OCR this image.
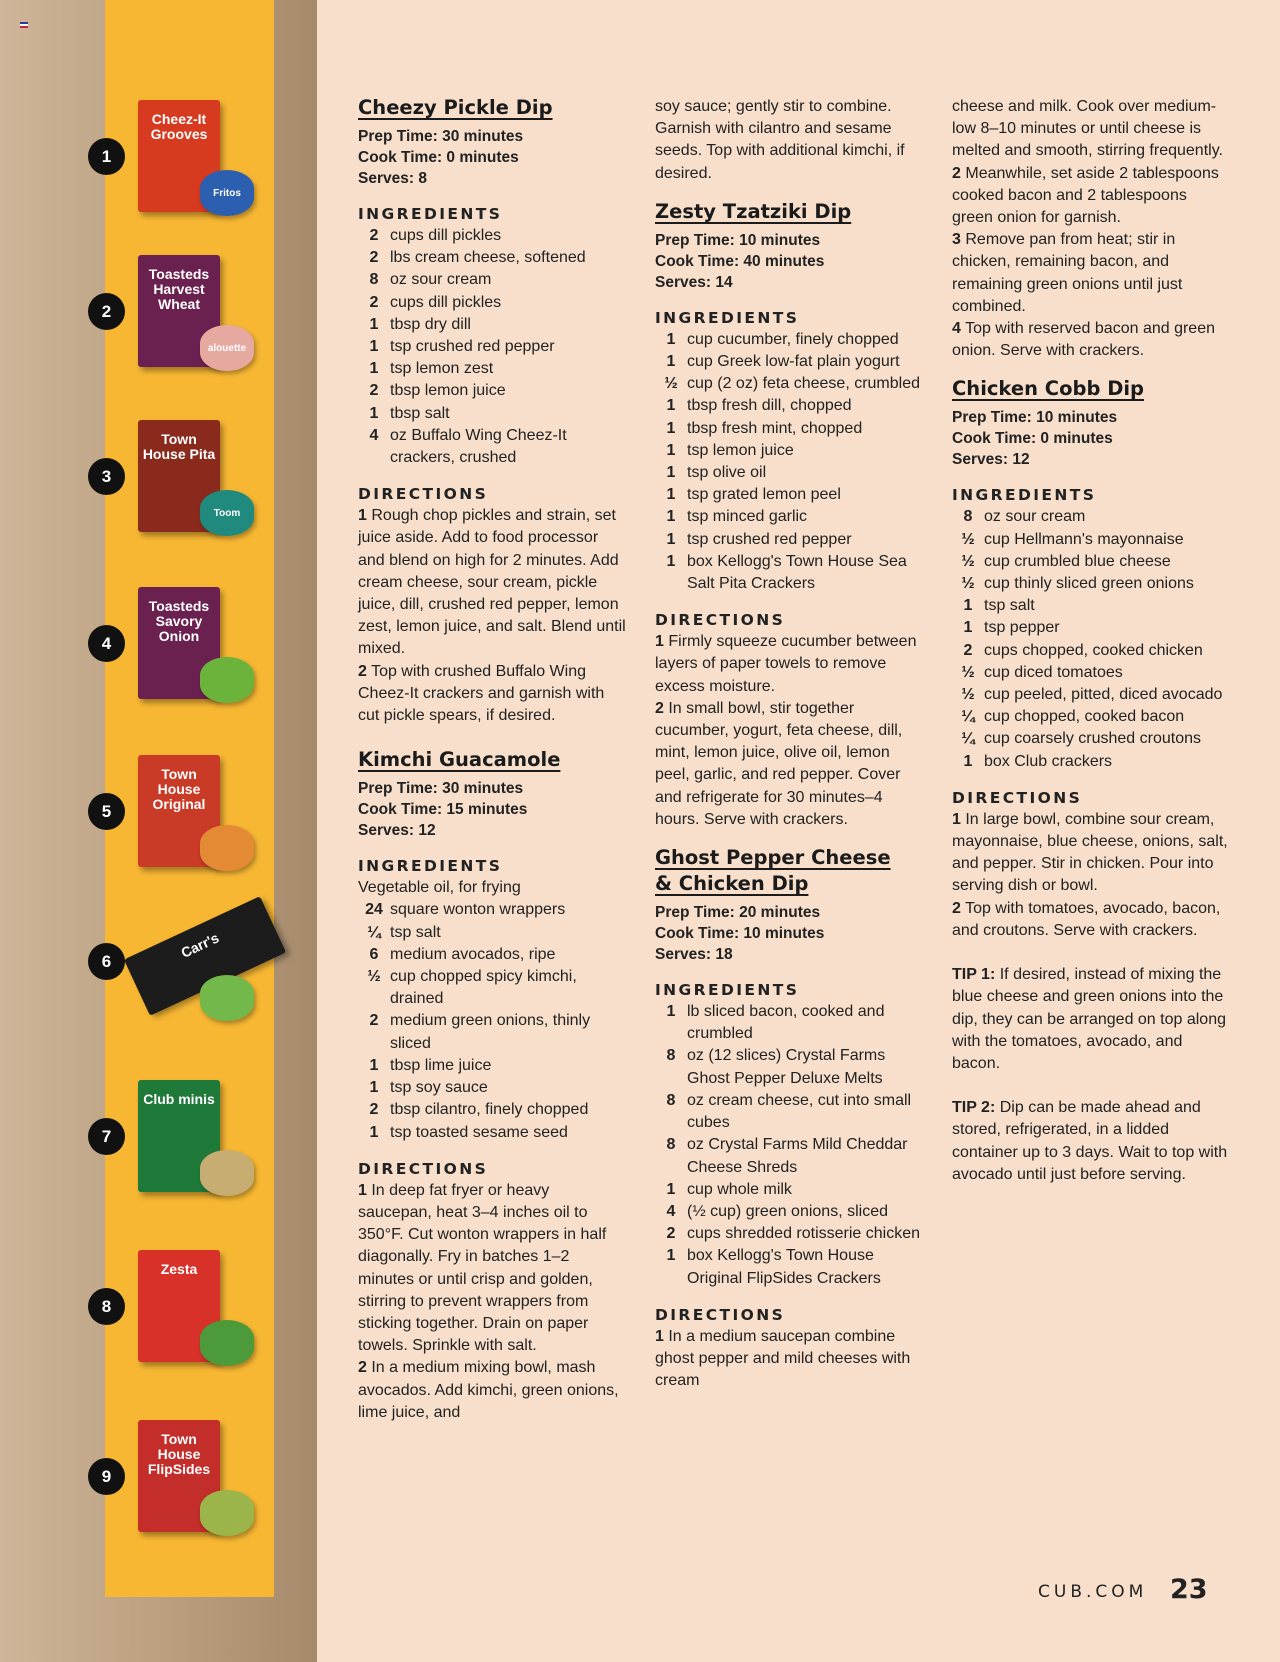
1
Cheez-It Grooves
Fritos
2
Toasteds Harvest Wheat
alouette
3
Town House Pita
Toom
4
Toasteds Savory Onion
5
Town House Original
6
Carr's
7
Club minis
8
Zesta
9
Town House FlipSides
Cheezy Pickle Dip
Prep Time: 30 minutes
Cook Time: 0 minutes
Serves: 8
INGREDIENTS
2 cups dill pickles
2 lbs cream cheese, softened
8 oz sour cream
2 cups dill pickles
1 tbsp dry dill
1 tsp crushed red pepper
1 tsp lemon zest
2 tbsp lemon juice
1 tbsp salt
4 oz Buffalo Wing Cheez-It crackers, crushed
DIRECTIONS
1 Rough chop pickles and strain, set juice aside. Add to food processor and blend on high for 2 minutes. Add cream cheese, sour cream, pickle juice, dill, crushed red pepper, lemon zest, lemon juice, and salt. Blend until mixed.
2 Top with crushed Buffalo Wing Cheez-It crackers and garnish with cut pickle spears, if desired.
Kimchi Guacamole
Prep Time: 30 minutes
Cook Time: 15 minutes
Serves: 12
INGREDIENTS
Vegetable oil, for frying
24 square wonton wrappers
¼ tsp salt
6 medium avocados, ripe
½ cup chopped spicy kimchi, drained
2 medium green onions, thinly sliced
1 tbsp lime juice
1 tsp soy sauce
2 tbsp cilantro, finely chopped
1 tsp toasted sesame seed
DIRECTIONS
1 In deep fat fryer or heavy saucepan, heat 3–4 inches oil to 350°F. Cut wonton wrappers in half diagonally. Fry in batches 1–2 minutes or until crisp and golden, stirring to prevent wrappers from sticking together. Drain on paper towels. Sprinkle with salt.
2 In a medium mixing bowl, mash avocados. Add kimchi, green onions, lime juice, and
soy sauce; gently stir to combine. Garnish with cilantro and sesame seeds. Top with additional kimchi, if desired.
Zesty Tzatziki Dip
Prep Time: 10 minutes
Cook Time: 40 minutes
Serves: 14
INGREDIENTS
1 cup cucumber, finely chopped
1 cup Greek low-fat plain yogurt
½ cup (2 oz) feta cheese, crumbled
1 tbsp fresh dill, chopped
1 tbsp fresh mint, chopped
1 tsp lemon juice
1 tsp olive oil
1 tsp grated lemon peel
1 tsp minced garlic
1 tsp crushed red pepper
1 box Kellogg's Town House Sea Salt Pita Crackers
DIRECTIONS
1 Firmly squeeze cucumber between layers of paper towels to remove excess moisture.
2 In small bowl, stir together cucumber, yogurt, feta cheese, dill, mint, lemon juice, olive oil, lemon peel, garlic, and red pepper. Cover and refrigerate for 30 minutes–4 hours. Serve with crackers.
Ghost Pepper Cheese & Chicken Dip
Prep Time: 20 minutes
Cook Time: 10 minutes
Serves: 18
INGREDIENTS
1 lb sliced bacon, cooked and crumbled
8 oz (12 slices) Crystal Farms Ghost Pepper Deluxe Melts
8 oz cream cheese, cut into small cubes
8 oz Crystal Farms Mild Cheddar Cheese Shreds
1 cup whole milk
4 (½ cup) green onions, sliced
2 cups shredded rotisserie chicken
1 box Kellogg's Town House Original FlipSides Crackers
DIRECTIONS
1 In a medium saucepan combine ghost pepper and mild cheeses with cream
cheese and milk. Cook over medium-low 8–10 minutes or until cheese is melted and smooth, stirring frequently.
2 Meanwhile, set aside 2 tablespoons cooked bacon and 2 tablespoons green onion for garnish.
3 Remove pan from heat; stir in chicken, remaining bacon, and remaining green onions until just combined.
4 Top with reserved bacon and green onion. Serve with crackers.
Chicken Cobb Dip
Prep Time: 10 minutes
Cook Time: 0 minutes
Serves: 12
INGREDIENTS
8 oz sour cream
½ cup Hellmann's mayonnaise
½ cup crumbled blue cheese
½ cup thinly sliced green onions
1 tsp salt
1 tsp pepper
2 cups chopped, cooked chicken
½ cup diced tomatoes
½ cup peeled, pitted, diced avocado
¼ cup chopped, cooked bacon
¼ cup coarsely crushed croutons
1 box Club crackers
DIRECTIONS
1 In large bowl, combine sour cream, mayonnaise, blue cheese, onions, salt, and pepper. Stir in chicken. Pour into serving dish or bowl.
2 Top with tomatoes, avocado, bacon, and croutons. Serve with crackers.
TIP 1: If desired, instead of mixing the blue cheese and green onions into the dip, they can be arranged on top along with the tomatoes, avocado, and bacon.
TIP 2: Dip can be made ahead and stored, refrigerated, in a lidded container up to 3 days. Wait to top with avocado until just before serving.
CUB.COM 23
